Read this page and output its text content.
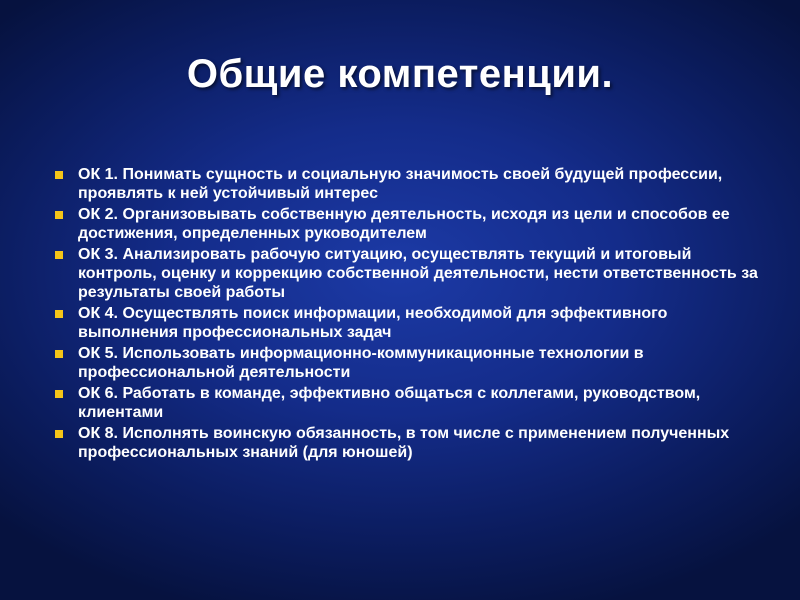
Общие компетенции.
ОК 1. Понимать сущность и социальную значимость своей будущей профессии, проявлять к ней устойчивый интерес
ОК 2. Организовывать собственную деятельность, исходя из цели и способов ее достижения, определенных руководителем
ОК 3. Анализировать рабочую ситуацию, осуществлять текущий и итоговый контроль, оценку и коррекцию собственной деятельности, нести ответственность за результаты своей работы
ОК 4. Осуществлять поиск информации, необходимой для эффективного выполнения профессиональных задач
ОК 5. Использовать информационно-коммуникационные технологии в профессиональной деятельности
ОК 6. Работать в команде, эффективно общаться с коллегами, руководством, клиентами
ОК 8. Исполнять воинскую обязанность, в том числе с применением полученных профессиональных знаний (для юношей)
